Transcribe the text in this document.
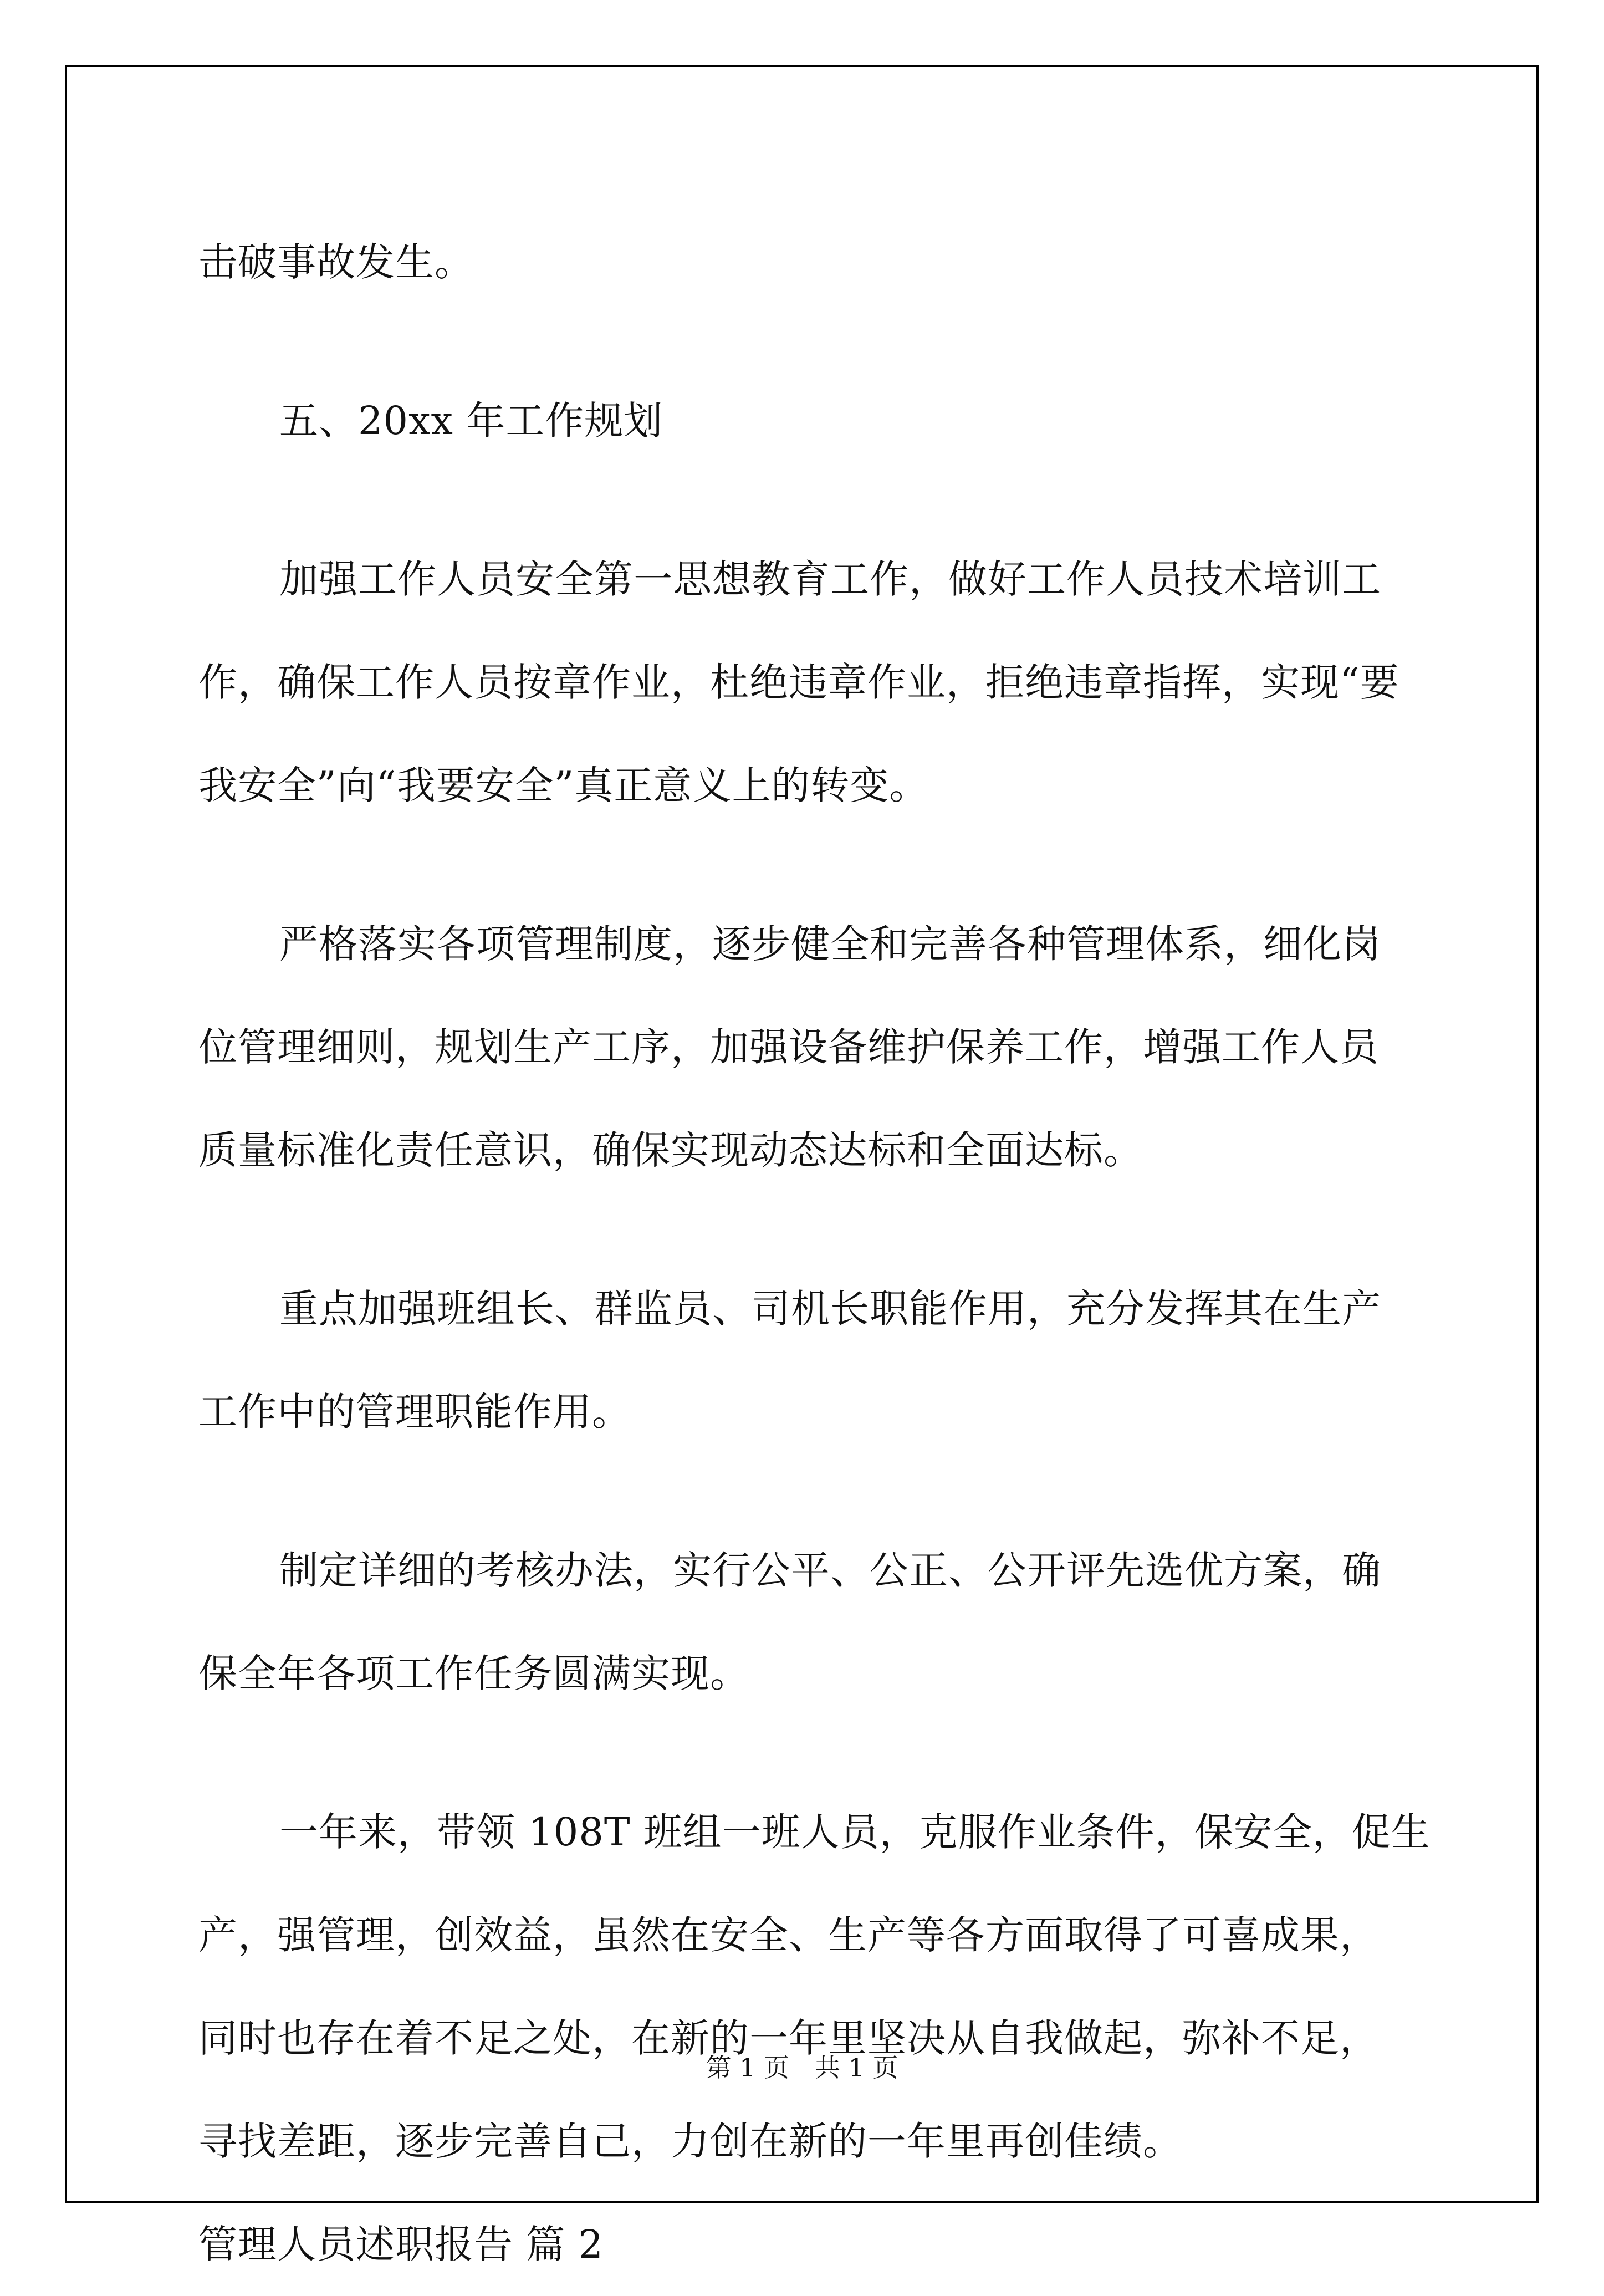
击破事故发生。
五、20xx 年工作规划
加强工作人员安全第一思想教育工作，做好工作人员技术培训工
作，确保工作人员按章作业，杜绝违章作业，拒绝违章指挥，实现“要
我安全”向“我要安全”真正意义上的转变。
严格落实各项管理制度，逐步健全和完善各种管理体系，细化岗
位管理细则，规划生产工序，加强设备维护保养工作，增强工作人员
质量标准化责任意识，确保实现动态达标和全面达标。
重点加强班组长、群监员、司机长职能作用，充分发挥其在生产
工作中的管理职能作用。
制定详细的考核办法，实行公平、公正、公开评先选优方案，确
保全年各项工作任务圆满实现。
一年来，带领 108T 班组一班人员，克服作业条件，保安全，促生
产，强管理，创效益，虽然在安全、生产等各方面取得了可喜成果，
同时也存在着不足之处，在新的一年里坚决从自我做起，弥补不足，
寻找差距，逐步完善自己，力创在新的一年里再创佳绩。
管理人员述职报告 篇 2
第 1 页　共 1 页
